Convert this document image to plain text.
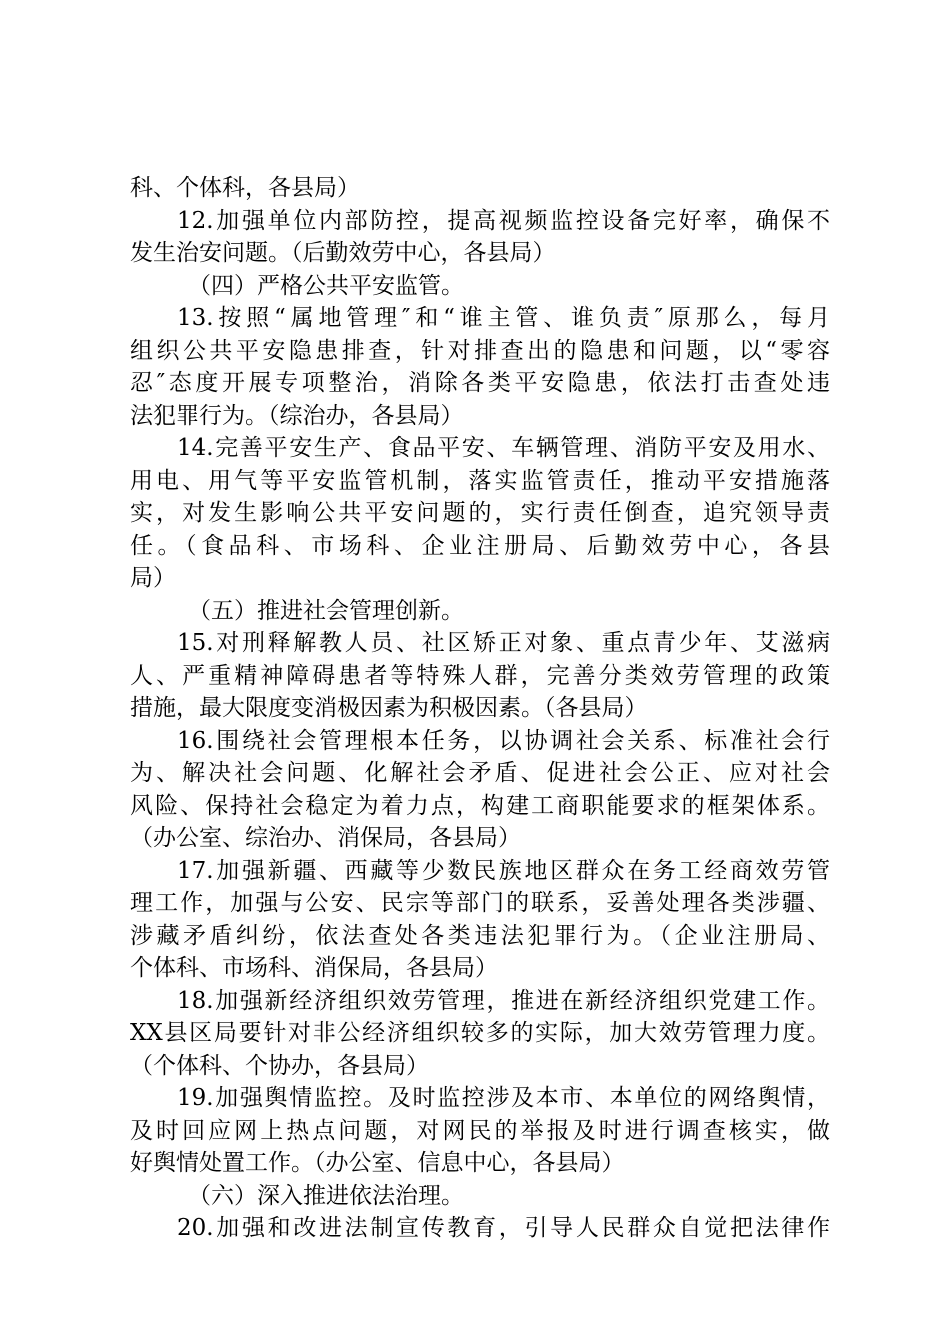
科、个体科，各县局）
12.加强单位内部防控，提高视频监控设备完好率，确保不
发生治安问题。（后勤效劳中心，各县局）
（四）严格公共平安监管。
13.按照“属地管理″和“谁主管、谁负责″原那么，每月
组织公共平安隐患排查，针对排查出的隐患和问题，以“零容
忍″态度开展专项整治，消除各类平安隐患，依法打击查处违
法犯罪行为。（综治办，各县局）
14.完善平安生产、食品平安、车辆管理、消防平安及用水、
用电、用气等平安监管机制，落实监管责任，推动平安措施落
实，对发生影响公共平安问题的，实行责任倒查，追究领导责
任。（食品科、市场科、企业注册局、后勤效劳中心，各县
局）
（五）推进社会管理创新。
15.对刑释解教人员、社区矫正对象、重点青少年、艾滋病
人、严重精神障碍患者等特殊人群，完善分类效劳管理的政策
措施，最大限度变消极因素为积极因素。（各县局）
16.围绕社会管理根本任务，以协调社会关系、标准社会行
为、解决社会问题、化解社会矛盾、促进社会公正、应对社会
风险、保持社会稳定为着力点，构建工商职能要求的框架体系。
（办公室、综治办、消保局，各县局）
17.加强新疆、西藏等少数民族地区群众在务工经商效劳管
理工作，加强与公安、民宗等部门的联系，妥善处理各类涉疆、
涉藏矛盾纠纷，依法查处各类违法犯罪行为。（企业注册局、
个体科、市场科、消保局，各县局）
18.加强新经济组织效劳管理，推进在新经济组织党建工作。
XX县区局要针对非公经济组织较多的实际，加大效劳管理力度。
（个体科、个协办，各县局）
19.加强舆情监控。及时监控涉及本市、本单位的网络舆情，
及时回应网上热点问题，对网民的举报及时进行调查核实，做
好舆情处置工作。（办公室、信息中心，各县局）
（六）深入推进依法治理。
20.加强和改进法制宣传教育，引导人民群众自觉把法律作
